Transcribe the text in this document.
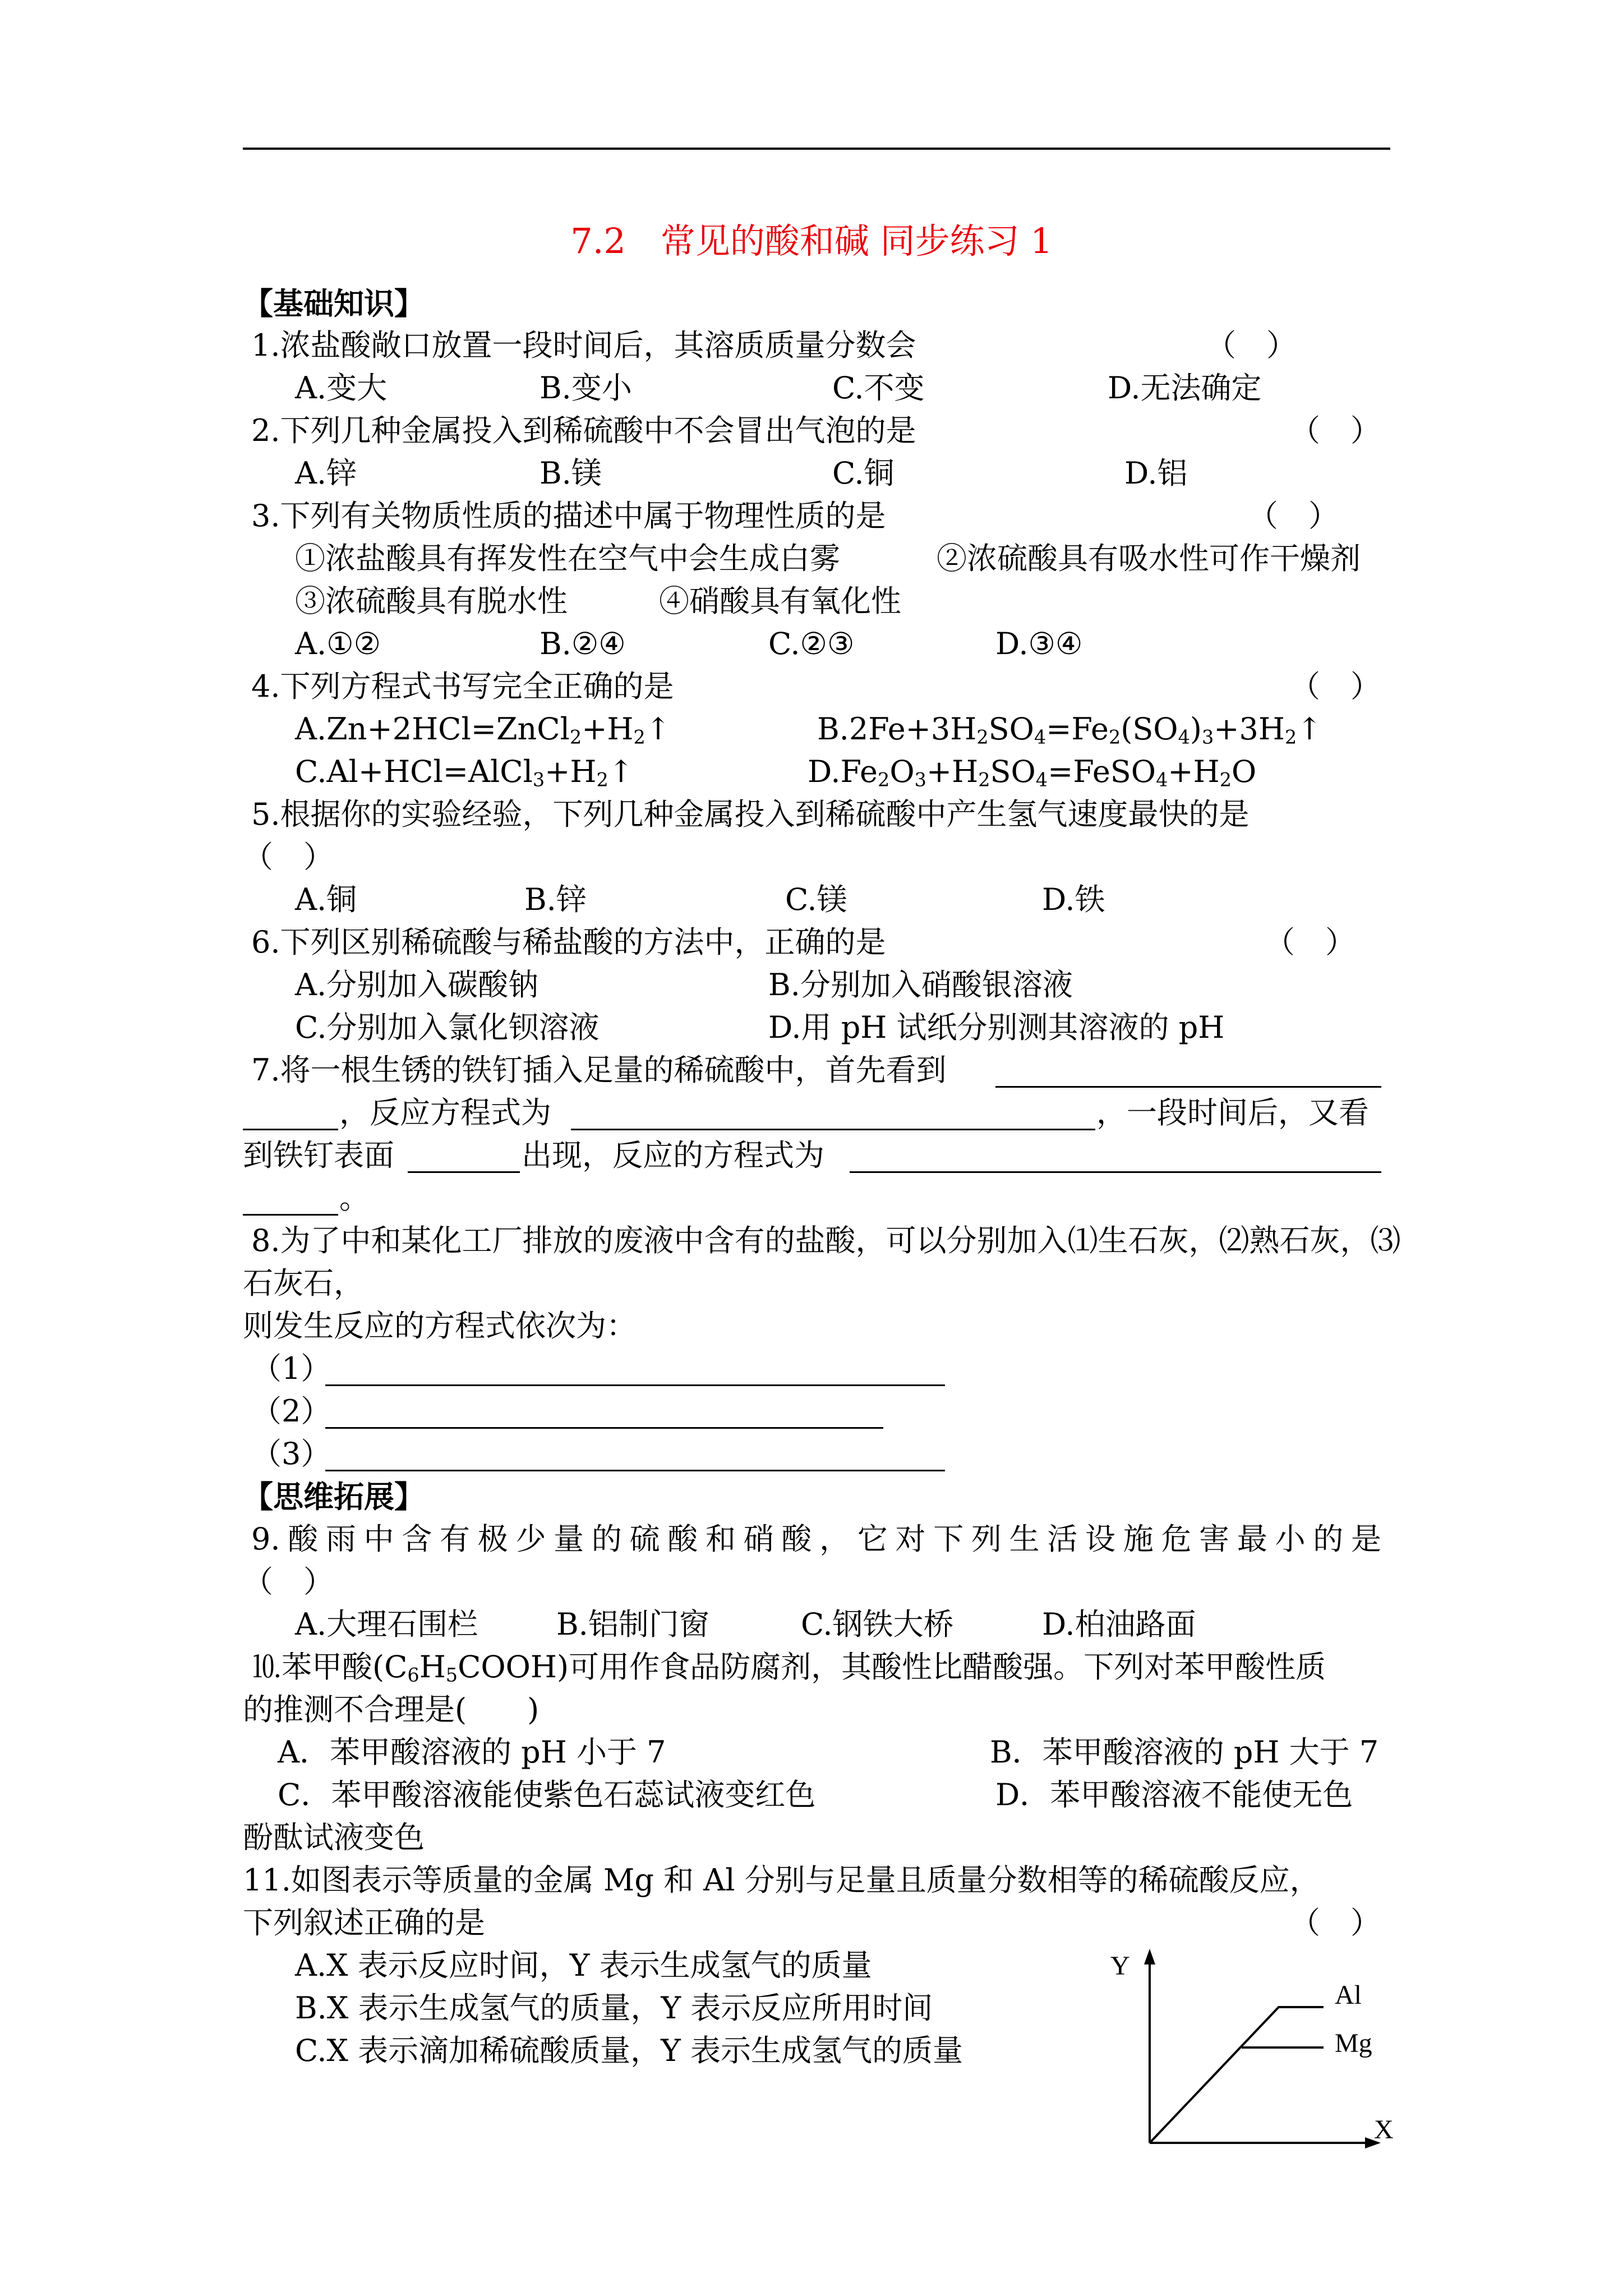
7.2　常见的酸和碱 同步练习 1
【基础知识】
1.浓盐酸敞口放置一段时间后，其溶质质量分数会	（　）
A.变大	B.变小	C.不变	D.无法确定
2.下列几种金属投入到稀硫酸中不会冒出气泡的是	（　）
A.锌	B.镁	C.铜	D.铝
3.下列有关物质性质的描述中属于物理性质的是	（　）
①浓盐酸具有挥发性在空气中会生成白雾	②浓硫酸具有吸水性可作干燥剂
③浓硫酸具有脱水性	④硝酸具有氧化性
A.①②	B.②④	C.②③	D.③④
4.下列方程式书写完全正确的是	（　）
$A.Zn+2HCl=ZnCl_2+H_2↑$	$B.2Fe+3H_2SO_4=Fe_2(SO_4)_3+3H_2↑$
$C.Al+HCl=AlCl_3+H_2↑$	$D.Fe_2O_3+H_2SO_4=FeSO_4+H_2O$
5.根据你的实验经验，下列几种金属投入到稀硫酸中产生氢气速度最快的是
（　）
A.铜	B.锌	C.镁	D.铁
6.下列区别稀硫酸与稀盐酸的方法中，正确的是	（　）
A.分别加入碳酸钠	B.分别加入硝酸银溶液
C.分别加入氯化钡溶液	D.用 pH 试纸分别测其溶液的 pH
7.将一根生锈的铁钉插入足量的稀硫酸中，首先看到
，反应方程式为	，一段时间后，又看
到铁钉表面	出现，反应的方程式为
。
8.为了中和某化工厂排放的废液中含有的盐酸，可以分别加入⑴生石灰，⑵熟石灰，⑶
石灰石，
则发生反应的方程式依次为：
（1）
（2）
（3）
【思维拓展】
9.酸雨中含有极少量的硫酸和硝酸，它对下列生活设施危害最小的是
（　）
A.大理石围栏	B.铝制门窗	C.钢铁大桥	D.柏油路面
⒑苯甲酸$(C_6H_5COOH)$可用作食品防腐剂，其酸性比醋酸强。下列对苯甲酸性质
的推测不合理是(　　)
A．苯甲酸溶液的 pH 小于 7	B．苯甲酸溶液的 pH 大于 7
C．苯甲酸溶液能使紫色石蕊试液变红色	D．苯甲酸溶液不能使无色
酚酞试液变色
11.如图表示等质量的金属 Mg 和 Al 分别与足量且质量分数相等的稀硫酸反应，
下列叙述正确的是	（　）
A.X 表示反应时间，Y 表示生成氢气的质量
B.X 表示生成氢气的质量，Y 表示反应所用时间
C.X 表示滴加稀硫酸质量，Y 表示生成氢气的质量
Y
X
Al
Mg
